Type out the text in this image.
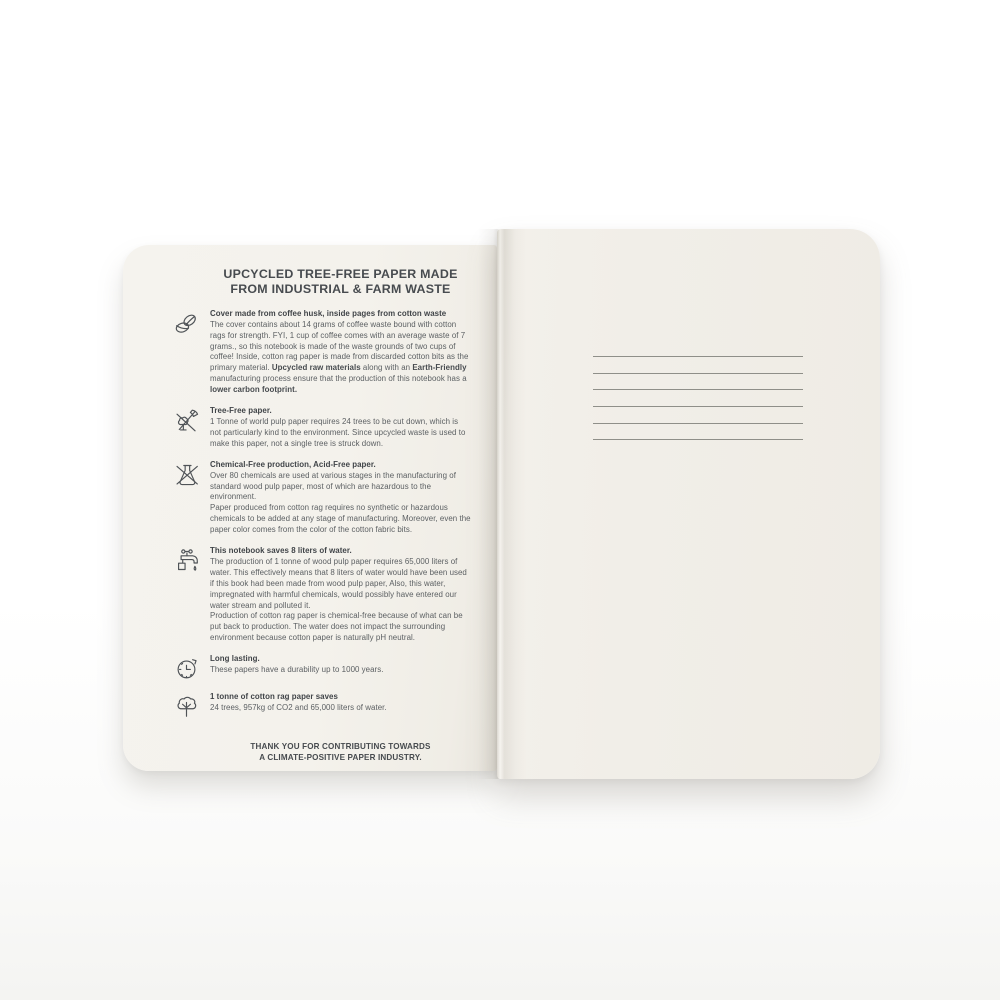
UPCYCLED TREE-FREE PAPER MADE
FROM INDUSTRIAL & FARM WASTE
Cover made from coffee husk, inside pages from cotton waste
The cover contains about 14 grams of coffee waste bound with cotton rags for strength. FYI, 1 cup of coffee comes with an average waste of 7 grams., so this notebook is made of the waste grounds of two cups of coffee! Inside, cotton rag paper is made from discarded cotton bits as the primary material. Upcycled raw materials along with an Earth-Friendly manufacturing process ensure that the production of this notebook has a lower carbon footprint.
Tree-Free paper.
1 Tonne of world pulp paper requires 24 trees to be cut down, which is not particularly kind to the environment. Since upcycled waste is used to make this paper, not a single tree is struck down.
Chemical-Free production, Acid-Free paper.
Over 80 chemicals are used at various stages in the manufacturing of standard wood pulp paper, most of which are hazardous to the environment.
Paper produced from cotton rag requires no synthetic or hazardous chemicals to be added at any stage of manufacturing. Moreover, even the paper color comes from the color of the cotton fabric bits.
This notebook saves 8 liters of water.
The production of 1 tonne of wood pulp paper requires 65,000 liters of water. This effectively means that 8 liters of water would have been used if this book had been made from wood pulp paper, Also, this water, impregnated with harmful chemicals, would possibly have entered our water stream and polluted it.
Production of cotton rag paper is chemical-free because of what can be put back to production. The water does not impact the surrounding environment because cotton paper is naturally pH neutral.
Long lasting.
These papers have a durability up to 1000 years.
1 tonne of cotton rag paper saves
24 trees, 957kg of CO2 and 65,000 liters of water.
THANK YOU FOR CONTRIBUTING TOWARDS
A CLIMATE-POSITIVE PAPER INDUSTRY.
